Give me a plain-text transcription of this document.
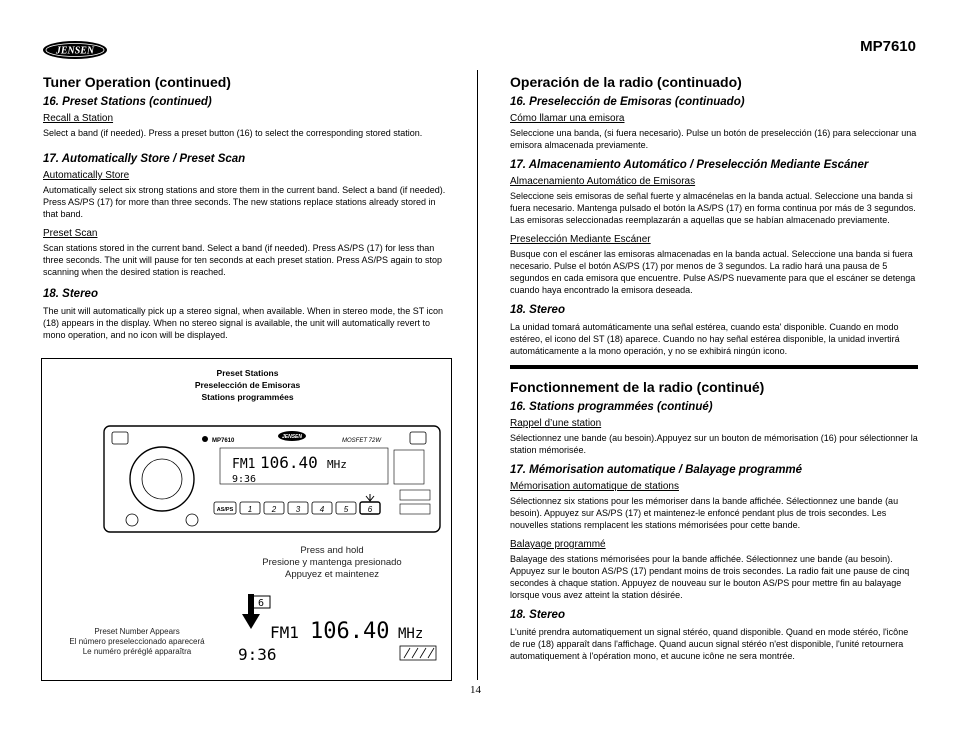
JENSEN	MP7610
Tuner Operation (continued)
16. Preset Stations (continued)
Recall a Station

Select a band (if needed). Press a preset button (16) to select the corresponding stored station.

17. Automatically Store / Preset Scan
Automatically Store

Automatically select six strong stations and store them in the current band. Select a band (if needed). Press AS/PS (17) for more than three seconds. The new stations replace stations already stored in that band.

Preset Scan

Scan stations stored in the current band. Select a band (if needed). Press AS/PS (17) for less than three seconds. The unit will pause for ten seconds at each preset station. Press AS/PS again to stop scanning when the desired station is reached.

18. Stereo

The unit will automatically pick up a stereo signal, when available. When in stereo mode, the ST icon (18) appears in the display. When no stereo signal is available, the unit will automatically revert to mono operation, and no icon will be displayed.

Preset Stations
Preselección de Emisoras
Stations programmées
MP7610
JENSEN
MOSFET 72W
FM1 106.40 MHz
9:36
AS/PS 1 2 3 4 5 6
Press and hold
Presione y mantenga presionado
Appuyez et maintenez
6
FM1 106.40 MHz
9:36
Preset Number Appears
El número preseleccionado aparecerá
Le numéro préréglé apparaîtra
Operación de la radio (continuado)
16. Preselección de Emisoras (continuado)
Cómo llamar una emisora

Seleccione una banda, (si fuera necesario). Pulse un botón de preselección (16) para seleccionar una emisora almacenada previamente.

17. Almacenamiento Automático / Preselección Mediante Escáner
Almacenamiento Automático de Emisoras

Seleccione seis emisoras de señal fuerte y almacénelas en la banda actual. Seleccione una banda si fuera necesario. Mantenga pulsado el botón la AS/PS (17) en forma continua por más de 3 segundos. Las emisoras seleccionadas reemplazarán a aquellas que se habían almacenado previamente.

Preselección Mediante Escáner

Busque con el escáner las emisoras almacenadas en la banda actual. Seleccione una banda si fuera necesario. Pulse el botón AS/PS (17) por menos de 3 segundos. La radio hará una pausa de 5 segundos en cada emisora que encuentre. Pulse AS/PS nuevamente para que el escáner se detenga cuando haya encontrado la emisora deseada.

18. Stereo

La unidad tomará automáticamente una señal estérea, cuando esta' disponible. Cuando en modo estéreo, el icono del ST (18) aparece. Cuando no hay señal estérea disponible, la unidad invertirá automáticamente a la mono operación, y no se exhibirá ningún icono.

Fonctionnement de la radio (continué)
16. Stations programmées (continué)
Rappel d’une station

Sélectionnez une bande (au besoin).Appuyez sur un bouton de mémorisation (16) pour sélectionner la station mémorisée.

17. Mémorisation automatique / Balayage programmé
Mémorisation automatique de stations

Sélectionnez six stations pour les mémoriser dans la bande affichée. Sélectionnez une bande (au besoin). Appuyez sur AS/PS (17) et maintenez-le enfoncé pendant plus de trois secondes. Les nouvelles stations remplacent les stations mémorisées pour cette bande.

Balayage programmé

Balayage des stations mémorisées pour la bande affichée. Sélectionnez une bande (au besoin). Appuyez sur le bouton AS/PS (17) pendant moins de trois secondes. La radio fait une pause de cinq secondes à chaque station. Appuyez de nouveau sur le bouton AS/PS pour mettre fin au balayage lorsque vous avez atteint la station désirée.

18. Stereo

L'unité prendra automatiquement un signal stéréo, quand disponible. Quand en mode stéréo, l'icône de rue (18) apparaît dans l'affichage. Quand aucun signal stéréo n'est disponible, l'unité retournera automatiquement à l'opération mono, et aucune icône ne sera montrée.

14
